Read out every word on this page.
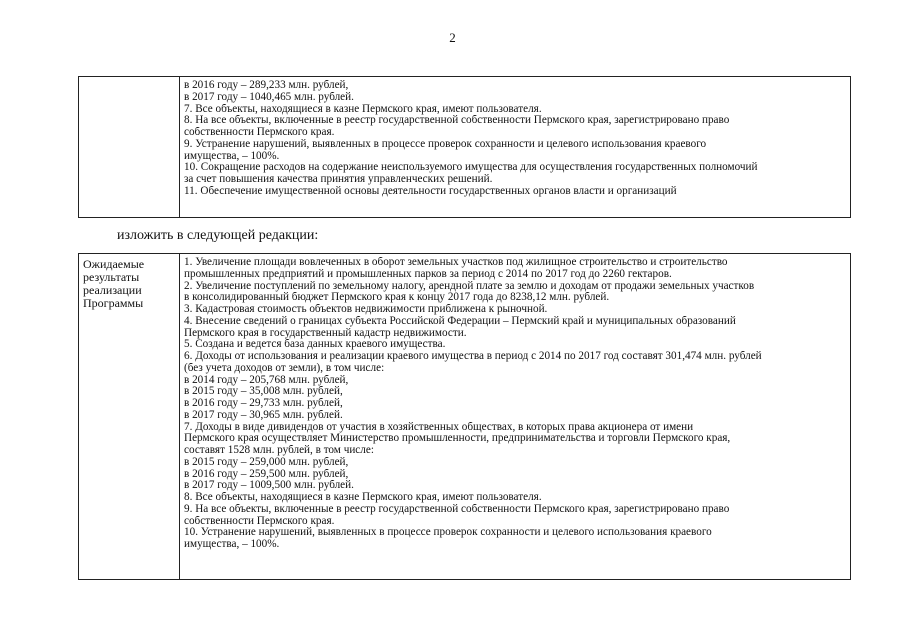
2
в 2016 году – 289,233 млн. рублей,
в 2017 году – 1040,465 млн. рублей.
7. Все объекты, находящиеся в казне Пермского края, имеют пользователя.
8. На все объекты, включенные в реестр государственной собственности Пермского края, зарегистрировано право
собственности Пермского края.
9. Устранение нарушений, выявленных в процессе проверок сохранности и целевого использования краевого
имущества, – 100%.
10. Сокращение расходов на содержание неиспользуемого имущества для осуществления государственных полномочий
за счет повышения качества принятия управленческих решений.
11. Обеспечение имущественной основы деятельности государственных органов власти и организаций
изложить в следующей редакции:
Ожидаемые
результаты
реализации
Программы
1. Увеличение площади вовлеченных в оборот земельных участков под жилищное строительство и строительство
промышленных предприятий и промышленных парков за период с 2014 по 2017 год до 2260 гектаров.
2. Увеличение поступлений по земельному налогу, арендной плате за землю и доходам от продажи земельных участков
в консолидированный бюджет Пермского края к концу 2017 года до 8238,12 млн. рублей.
3. Кадастровая стоимость объектов недвижимости приближена к рыночной.
4. Внесение сведений о границах субъекта Российской Федерации – Пермский край и муниципальных образований
Пермского края в государственный кадастр недвижимости.
5. Создана и ведется база данных краевого имущества.
6. Доходы от использования и реализации краевого имущества в период с 2014 по 2017 год составят 301,474 млн. рублей
(без учета доходов от земли), в том числе:
в 2014 году – 205,768 млн. рублей,
в 2015 году – 35,008 млн. рублей,
в 2016 году – 29,733 млн. рублей,
в 2017 году – 30,965 млн. рублей.
7. Доходы в виде дивидендов от участия в хозяйственных обществах, в которых права акционера от имени
Пермского края осуществляет Министерство промышленности, предпринимательства и торговли Пермского края,
составят 1528 млн. рублей, в том числе:
в 2015 году – 259,000 млн. рублей,
в 2016 году – 259,500 млн. рублей,
в 2017 году – 1009,500 млн. рублей.
8. Все объекты, находящиеся в казне Пермского края, имеют пользователя.
9. На все объекты, включенные в реестр государственной собственности Пермского края, зарегистрировано право
собственности Пермского края.
10. Устранение нарушений, выявленных в процессе проверок сохранности и целевого использования краевого
имущества, – 100%.
